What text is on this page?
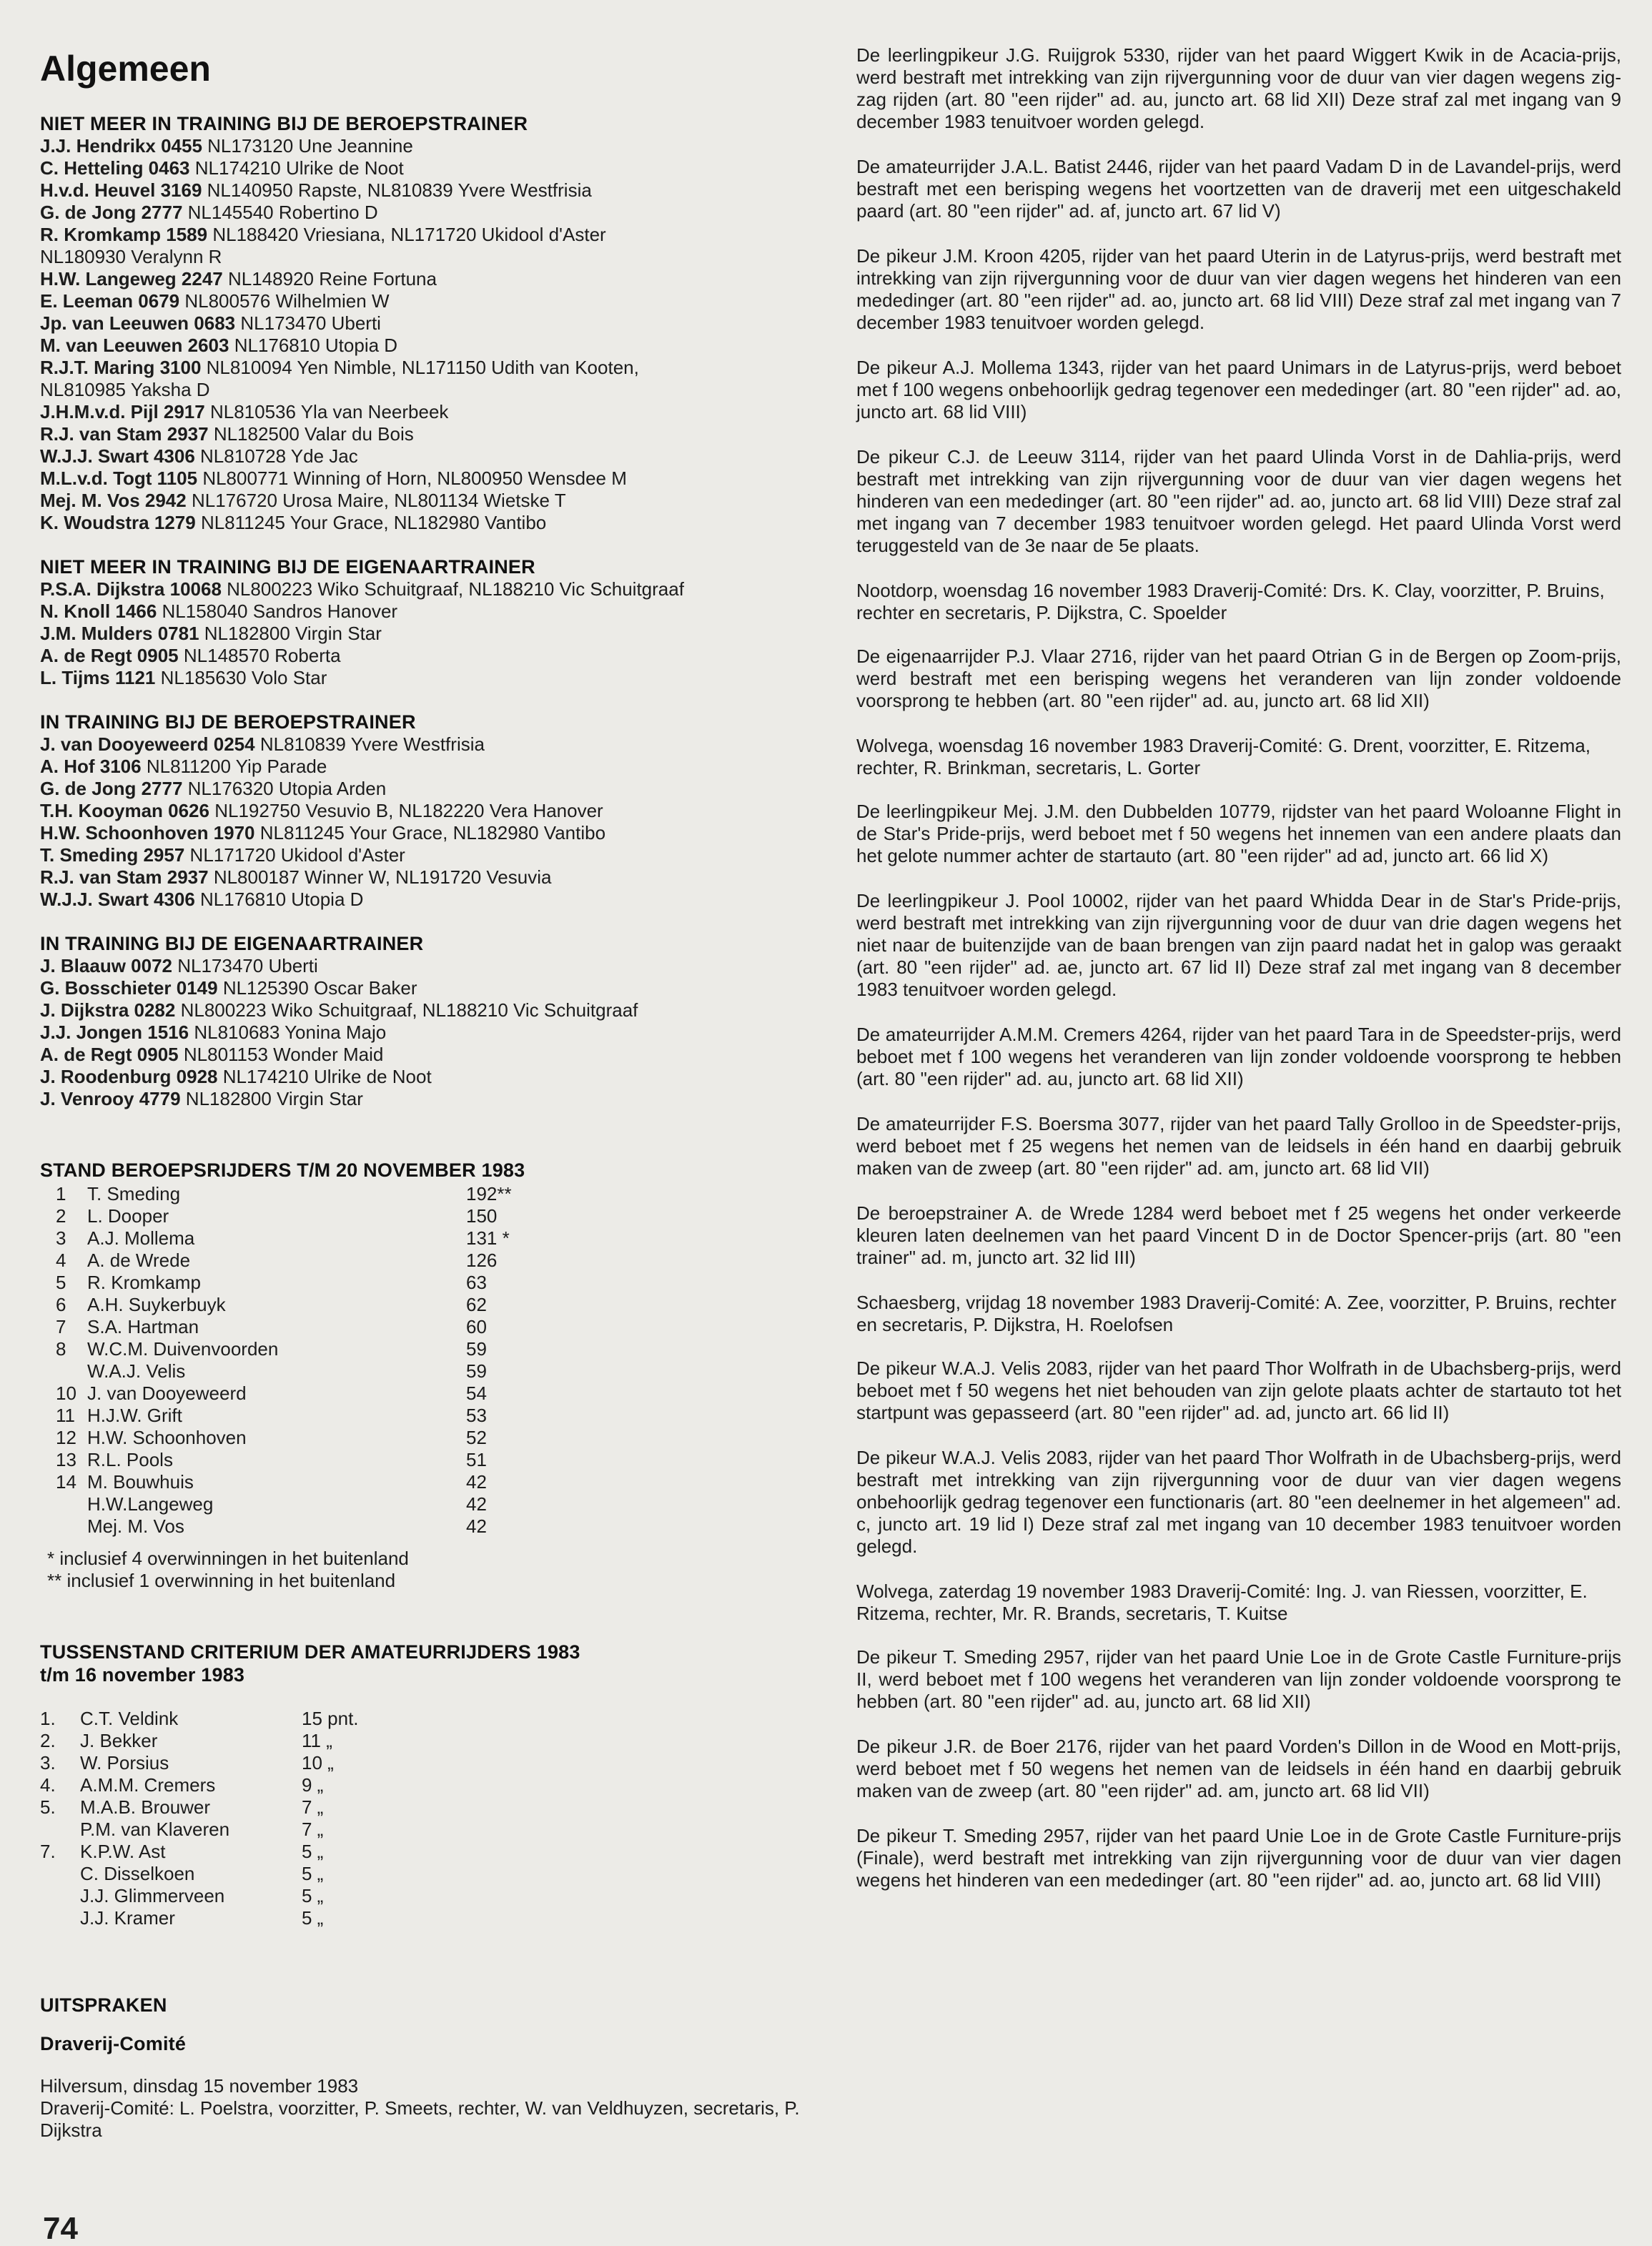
Algemeen

NIET MEER IN TRAINING BIJ DE BEROEPSTRAINER

J.J. Hendrikx 0455 NL173120 Une Jeannine

C. Hetteling 0463 NL174210 Ulrike de Noot

H.v.d. Heuvel 3169 NL140950 Rapste, NL810839 Yvere Westfrisia

G. de Jong 2777 NL145540 Robertino D

R. Kromkamp 1589 NL188420 Vriesiana, NL171720 Ukidool d'Aster

NL180930 Veralynn R

H.W. Langeweg 2247 NL148920 Reine Fortuna

E. Leeman 0679 NL800576 Wilhelmien W

Jp. van Leeuwen 0683 NL173470 Uberti

M. van Leeuwen 2603 NL176810 Utopia D

R.J.T. Maring 3100 NL810094 Yen Nimble, NL171150 Udith van Kooten,

NL810985 Yaksha D

J.H.M.v.d. Pijl 2917 NL810536 Yla van Neerbeek

R.J. van Stam 2937 NL182500 Valar du Bois

W.J.J. Swart 4306 NL810728 Yde Jac

M.L.v.d. Togt 1105 NL800771 Winning of Horn, NL800950 Wensdee M

Mej. M. Vos 2942 NL176720 Urosa Maire, NL801134 Wietske T

K. Woudstra 1279 NL811245 Your Grace, NL182980 Vantibo

NIET MEER IN TRAINING BIJ DE EIGENAARTRAINER

P.S.A. Dijkstra 10068 NL800223 Wiko Schuitgraaf, NL188210 Vic Schuitgraaf

N. Knoll 1466 NL158040 Sandros Hanover

J.M. Mulders 0781 NL182800 Virgin Star

A. de Regt 0905 NL148570 Roberta

L. Tijms 1121 NL185630 Volo Star

IN TRAINING BIJ DE BEROEPSTRAINER

J. van Dooyeweerd 0254 NL810839 Yvere Westfrisia

A. Hof 3106 NL811200 Yip Parade

G. de Jong 2777 NL176320 Utopia Arden

T.H. Kooyman 0626 NL192750 Vesuvio B, NL182220 Vera Hanover

H.W. Schoonhoven 1970 NL811245 Your Grace, NL182980 Vantibo

T. Smeding 2957 NL171720 Ukidool d'Aster

R.J. van Stam 2937 NL800187 Winner W, NL191720 Vesuvia

W.J.J. Swart 4306 NL176810 Utopia D

IN TRAINING BIJ DE EIGENAARTRAINER

J. Blaauw 0072 NL173470 Uberti

G. Bosschieter 0149 NL125390 Oscar Baker

J. Dijkstra 0282 NL800223 Wiko Schuitgraaf, NL188210 Vic Schuitgraaf

J.J. Jongen 1516 NL810683 Yonina Majo

A. de Regt 0905 NL801153 Wonder Maid

J. Roodenburg 0928 NL174210 Ulrike de Noot

J. Venrooy 4779 NL182800 Virgin Star

STAND BEROEPSRIJDERS T/M 20 NOVEMBER 1983

1	T. Smeding	192**
2	L. Dooper	150
3	A.J. Mollema	131 *
4	A. de Wrede	126
5	R. Kromkamp	63
6	A.H. Suykerbuyk	62
7	S.A. Hartman	60
8	W.C.M. Duivenvoorden	59
	W.A.J. Velis	59
10	J. van Dooyeweerd	54
11	H.J.W. Grift	53
12	H.W. Schoonhoven	52
13	R.L. Pools	51
14	M. Bouwhuis	42
	H.W.Langeweg	42
	Mej. M. Vos	42

* inclusief 4 overwinningen in het buitenland

** inclusief 1 overwinning in het buitenland

TUSSENSTAND CRITERIUM DER AMATEURRIJDERS 1983

t/m 16 november 1983

1.	C.T. Veldink	15 pnt.
2.	J. Bekker	11 „
3.	W. Porsius	10 „
4.	A.M.M. Cremers	9 „
5.	M.A.B. Brouwer	7 „
	P.M. van Klaveren	7 „
7.	K.P.W. Ast	5 „
	C. Disselkoen	5 „
	J.J. Glimmerveen	5 „
	J.J. Kramer	5 „

UITSPRAKEN

Draverij-Comité

Hilversum, dinsdag 15 november 1983

Draverij-Comité: L. Poelstra, voorzitter, P. Smeets, rechter, W. van Veldhuyzen, secretaris, P. Dijkstra

De leerlingpikeur J.G. Ruijgrok 5330, rijder van het paard Wiggert Kwik in de Acacia-prijs, werd bestraft met intrekking van zijn rijvergunning voor de duur van vier dagen wegens zig-zag rijden (art. 80 "een rijder" ad. au, juncto art. 68 lid XII) Deze straf zal met ingang van 9 december 1983 tenuitvoer worden gelegd.

De amateurrijder J.A.L. Batist 2446, rijder van het paard Vadam D in de Lavandel-prijs, werd bestraft met een berisping wegens het voortzetten van de draverij met een uitgeschakeld paard (art. 80 "een rijder" ad. af, juncto art. 67 lid V)

De pikeur J.M. Kroon 4205, rijder van het paard Uterin in de Latyrus-prijs, werd bestraft met intrekking van zijn rijvergunning voor de duur van vier dagen wegens het hinderen van een mededinger (art. 80 "een rijder" ad. ao, juncto art. 68 lid VIII) Deze straf zal met ingang van 7 december 1983 tenuitvoer worden gelegd.

De pikeur A.J. Mollema 1343, rijder van het paard Unimars in de Latyrus-prijs, werd beboet met f 100 wegens onbehoorlijk gedrag tegenover een mededinger (art. 80 "een rijder" ad. ao, juncto art. 68 lid VIII)

De pikeur C.J. de Leeuw 3114, rijder van het paard Ulinda Vorst in de Dahlia-prijs, werd bestraft met intrekking van zijn rijvergunning voor de duur van vier dagen wegens het hinderen van een mededinger (art. 80 "een rijder" ad. ao, juncto art. 68 lid VIII) Deze straf zal met ingang van 7 december 1983 tenuitvoer worden gelegd. Het paard Ulinda Vorst werd teruggesteld van de 3e naar de 5e plaats.

Nootdorp, woensdag 16 november 1983 Draverij-Comité: Drs. K. Clay, voorzitter, P. Bruins, rechter en secretaris, P. Dijkstra, C. Spoelder

De eigenaarrijder P.J. Vlaar 2716, rijder van het paard Otrian G in de Bergen op Zoom-prijs, werd bestraft met een berisping wegens het veranderen van lijn zonder voldoende voorsprong te hebben (art. 80 "een rijder" ad. au, juncto art. 68 lid XII)

Wolvega, woensdag 16 november 1983 Draverij-Comité: G. Drent, voorzitter, E. Ritzema, rechter, R. Brinkman, secretaris, L. Gorter

De leerlingpikeur Mej. J.M. den Dubbelden 10779, rijdster van het paard Woloanne Flight in de Star's Pride-prijs, werd beboet met f 50 wegens het innemen van een andere plaats dan het gelote nummer achter de startauto (art. 80 "een rijder" ad ad, juncto art. 66 lid X)

De leerlingpikeur J. Pool 10002, rijder van het paard Whidda Dear in de Star's Pride-prijs, werd bestraft met intrekking van zijn rijvergunning voor de duur van drie dagen wegens het niet naar de buitenzijde van de baan brengen van zijn paard nadat het in galop was geraakt (art. 80 "een rijder" ad. ae, juncto art. 67 lid II) Deze straf zal met ingang van 8 december 1983 tenuitvoer worden gelegd.

De amateurrijder A.M.M. Cremers 4264, rijder van het paard Tara in de Speedster-prijs, werd beboet met f 100 wegens het veranderen van lijn zonder voldoende voorsprong te hebben (art. 80 "een rijder" ad. au, juncto art. 68 lid XII)

De amateurrijder F.S. Boersma 3077, rijder van het paard Tally Grolloo in de Speedster-prijs, werd beboet met f 25 wegens het nemen van de leidsels in één hand en daarbij gebruik maken van de zweep (art. 80 "een rijder" ad. am, juncto art. 68 lid VII)

De beroepstrainer A. de Wrede 1284 werd beboet met f 25 wegens het onder verkeerde kleuren laten deelnemen van het paard Vincent D in de Doctor Spencer-prijs (art. 80 "een trainer" ad. m, juncto art. 32 lid III)

Schaesberg, vrijdag 18 november 1983 Draverij-Comité: A. Zee, voorzitter, P. Bruins, rechter en secretaris, P. Dijkstra, H. Roelofsen

De pikeur W.A.J. Velis 2083, rijder van het paard Thor Wolfrath in de Ubachsberg-prijs, werd beboet met f 50 wegens het niet behouden van zijn gelote plaats achter de startauto tot het startpunt was gepasseerd (art. 80 "een rijder" ad. ad, juncto art. 66 lid II)

De pikeur W.A.J. Velis 2083, rijder van het paard Thor Wolfrath in de Ubachsberg-prijs, werd bestraft met intrekking van zijn rijvergunning voor de duur van vier dagen wegens onbehoorlijk gedrag tegenover een functionaris (art. 80 "een deelnemer in het algemeen" ad. c, juncto art. 19 lid I) Deze straf zal met ingang van 10 december 1983 tenuitvoer worden gelegd.

Wolvega, zaterdag 19 november 1983 Draverij-Comité: Ing. J. van Riessen, voorzitter, E. Ritzema, rechter, Mr. R. Brands, secretaris, T. Kuitse

De pikeur T. Smeding 2957, rijder van het paard Unie Loe in de Grote Castle Furniture-prijs II, werd beboet met f 100 wegens het veranderen van lijn zonder voldoende voorsprong te hebben (art. 80 "een rijder" ad. au, juncto art. 68 lid XII)

De pikeur J.R. de Boer 2176, rijder van het paard Vorden's Dillon in de Wood en Mott-prijs, werd beboet met f 50 wegens het nemen van de leidsels in één hand en daarbij gebruik maken van de zweep (art. 80 "een rijder" ad. am, juncto art. 68 lid VII)

De pikeur T. Smeding 2957, rijder van het paard Unie Loe in de Grote Castle Furniture-prijs (Finale), werd bestraft met intrekking van zijn rijvergunning voor de duur van vier dagen wegens het hinderen van een mededinger (art. 80 "een rijder" ad. ao, juncto art. 68 lid VIII)

74
